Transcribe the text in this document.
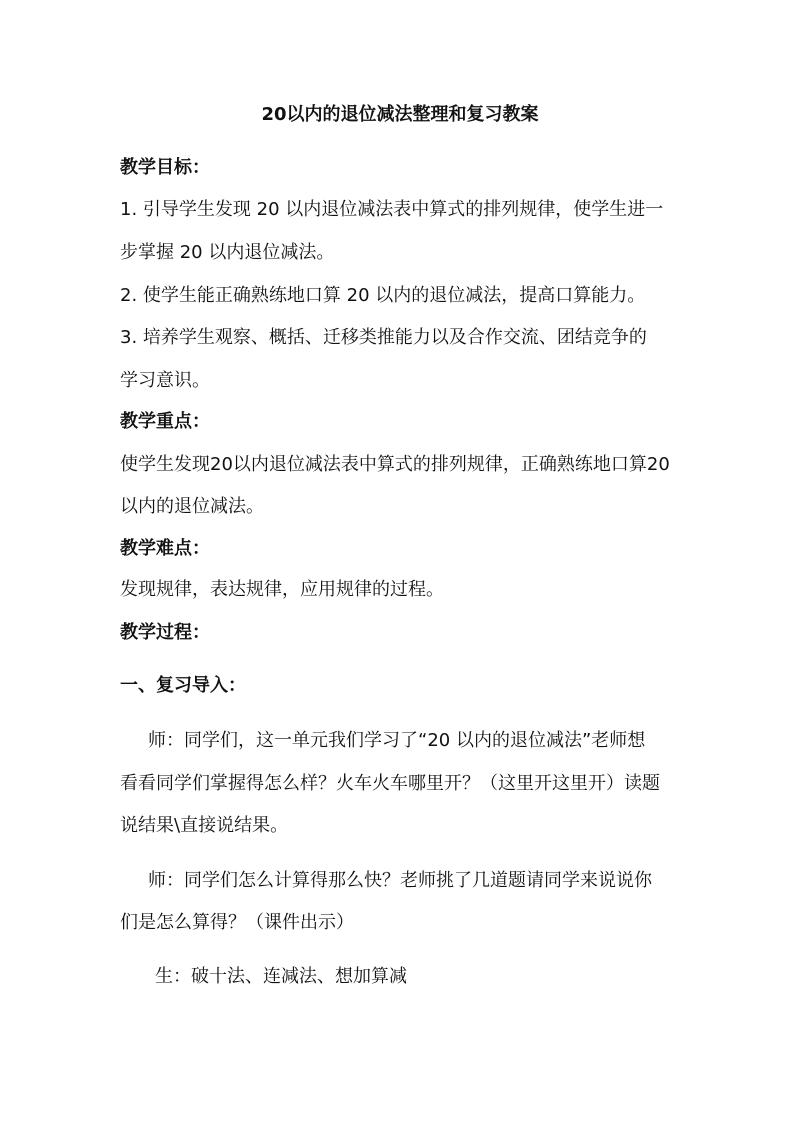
20以内的退位减法整理和复习教案
教学目标：
1. 引导学生发现 20 以内退位减法表中算式的排列规律，使学生进一
步掌握 20 以内退位减法。
2. 使学生能正确熟练地口算 20 以内的退位减法，提高口算能力。
3. 培养学生观察、概括、迁移类推能力以及合作交流、团结竞争的
学习意识。
教学重点：
使学生发现20以内退位减法表中算式的排列规律，正确熟练地口算20
以内的退位减法。
教学难点：
发现规律，表达规律，应用规律的过程。
教学过程：
一、复习导入：
师：同学们，这一单元我们学习了“20 以内的退位减法”老师想
看看同学们掌握得怎么样？火车火车哪里开？（这里开这里开）读题
说结果\直接说结果。
师：同学们怎么计算得那么快？老师挑了几道题请同学来说说你
们是怎么算得？（课件出示）
生：破十法、连减法、想加算减
